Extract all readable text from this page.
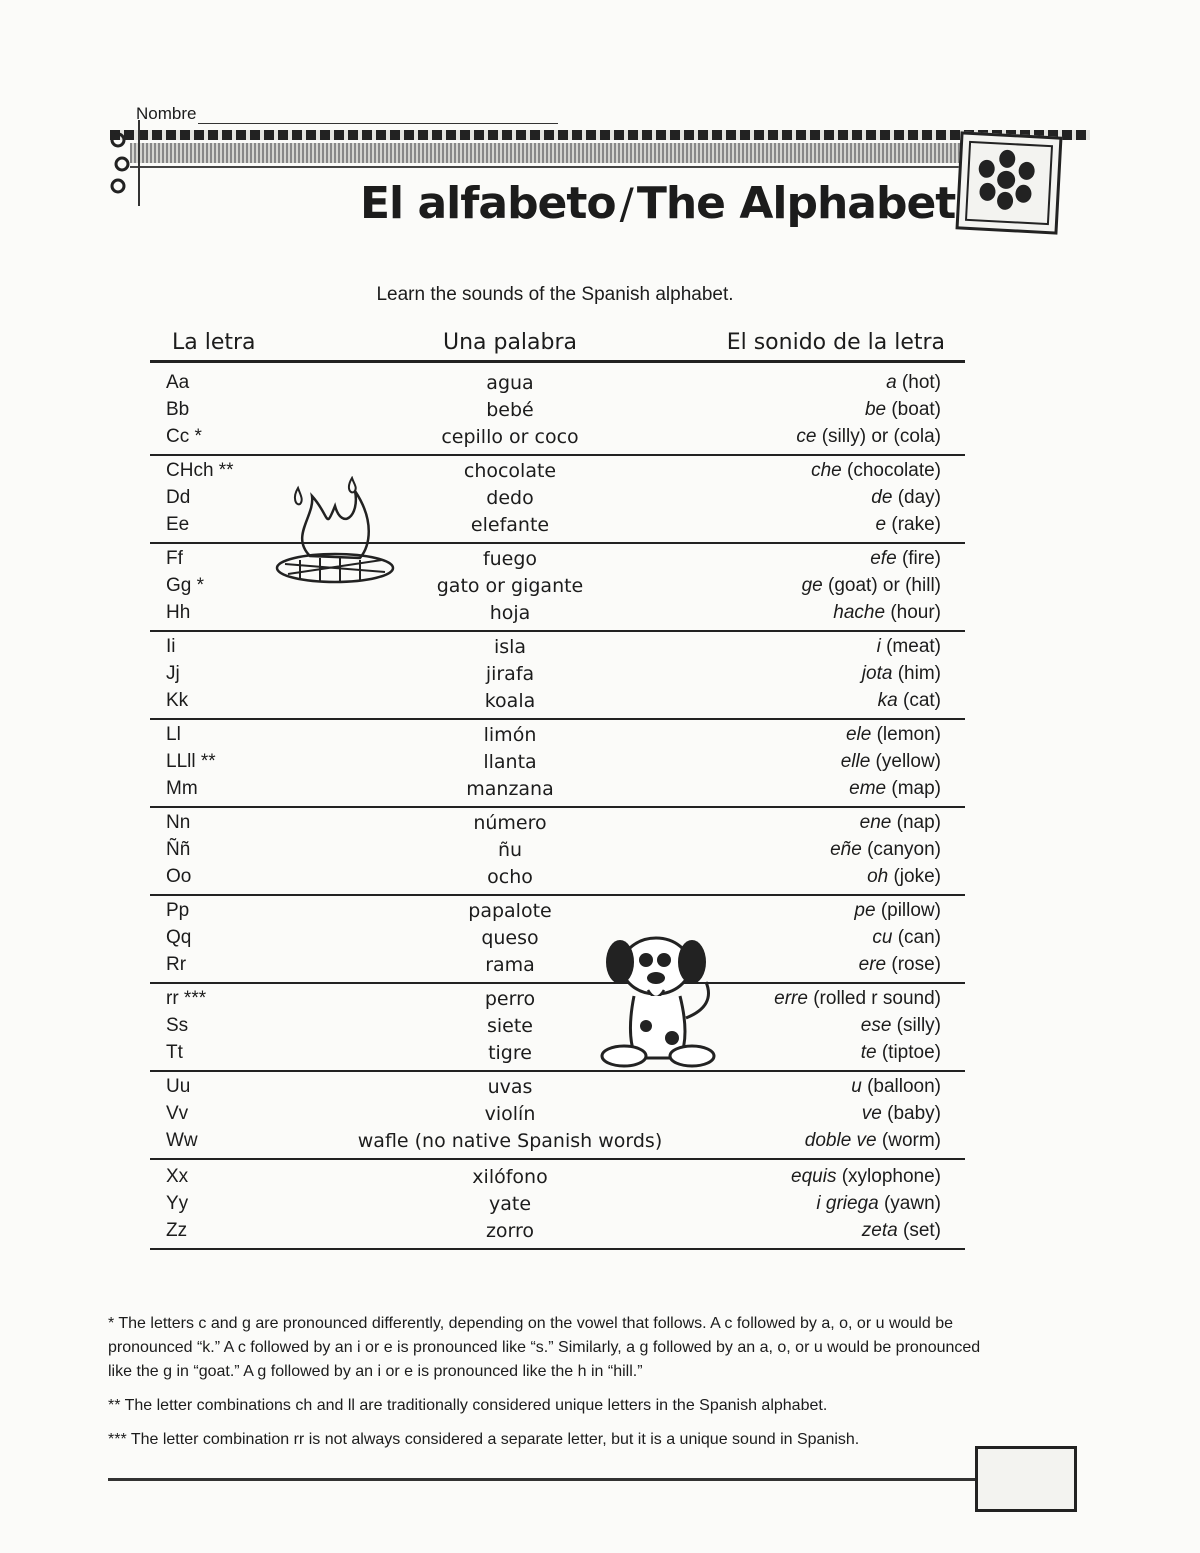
Nombre
El alfabeto/The Alphabet
Learn the sounds of the Spanish alphabet.
La letra	Una palabra	El sonido de la letra
Aa	agua	a (hot)
Bb	bebé	be (boat)
Cc *	cepillo or coco	ce (silly) or (cola)
CHch **	chocolate	che (chocolate)
Dd	dedo	de (day)
Ee	elefante	e (rake)
Ff	fuego	efe (fire)
Gg *	gato or gigante	ge (goat) or (hill)
Hh	hoja	hache (hour)
Ii	isla	i (meat)
Jj	jirafa	jota (him)
Kk	koala	ka (cat)
Ll	limón	ele (lemon)
LLll **	llanta	elle (yellow)
Mm	manzana	eme (map)
Nn	número	ene (nap)
Ññ	ñu	eñe (canyon)
Oo	ocho	oh (joke)
Pp	papalote	pe (pillow)
Qq	queso	cu (can)
Rr	rama	ere (rose)
rr ***	perro	erre (rolled r sound)
Ss	siete	ese (silly)
Tt	tigre	te (tiptoe)
Uu	uvas	u (balloon)
Vv	violín	ve (baby)
Ww	wafle (no native Spanish words)	doble ve (worm)
Xx	xilófono	equis (xylophone)
Yy	yate	i griega (yawn)
Zz	zorro	zeta (set)
* The letters c and g are pronounced differently, depending on the vowel that follows. A c followed by a, o, or u would be pronounced “k.” A c followed by an i or e is pronounced like “s.” Similarly, a g followed by an a, o, or u would be pronounced like the g in “goat.” A g followed by an i or e is pronounced like the h in “hill.”
** The letter combinations ch and ll are traditionally considered unique letters in the Spanish alphabet.
*** The letter combination rr is not always considered a separate letter, but it is a unique sound in Spanish.
